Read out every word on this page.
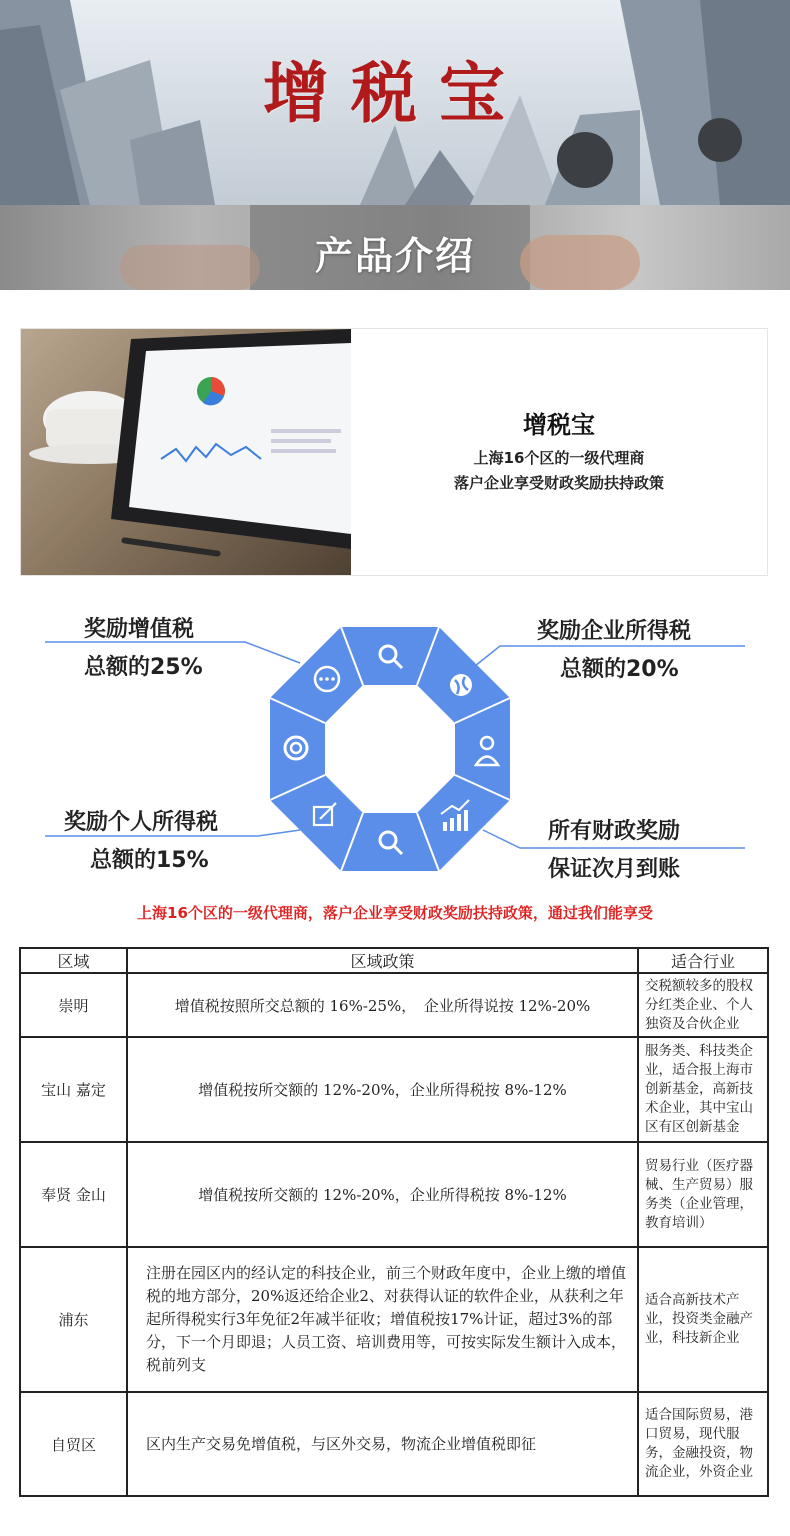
增税宝
产品介绍
增税宝
上海16个区的一级代理商
落户企业享受财政奖励扶持政策
奖励增值税
总额的25%
奖励企业所得税
总额的20%
奖励个人所得税
总额的15%
所有财政奖励
保证次月到账
上海16个区的一级代理商，落户企业享受财政奖励扶持政策，通过我们能享受
区域	区域政策	适合行业
崇明	增值税按照所交总额的 16%-25%，　企业所得说按 12%-20%	交税额较多的股权分红类企业、个人独资及合伙企业
宝山 嘉定	增值税按所交额的 12%-20%，企业所得税按 8%-12%	服务类、科技类企业，适合报上海市创新基金，高新技术企业，其中宝山区有区创新基金
奉贤 金山	增值税按所交额的 12%-20%，企业所得税按 8%-12%	贸易行业（医疗器械、生产贸易）服务类（企业管理，教育培训）
浦东	注册在园区内的经认定的科技企业，前三个财政年度中，企业上缴的增值税的地方部分，20%返还给企业2、对获得认证的软件企业，从获利之年起所得税实行3年免征2年减半征收；增值税按17%计证，超过3%的部分，下一个月即退；人员工资、培训费用等，可按实际发生额计入成本，税前列支	适合高新技术产业，投资类金融产业，科技新企业
自贸区	区内生产交易免增值税，与区外交易，物流企业增值税即征	适合国际贸易，港口贸易，现代服务，金融投资，物流企业，外资企业
